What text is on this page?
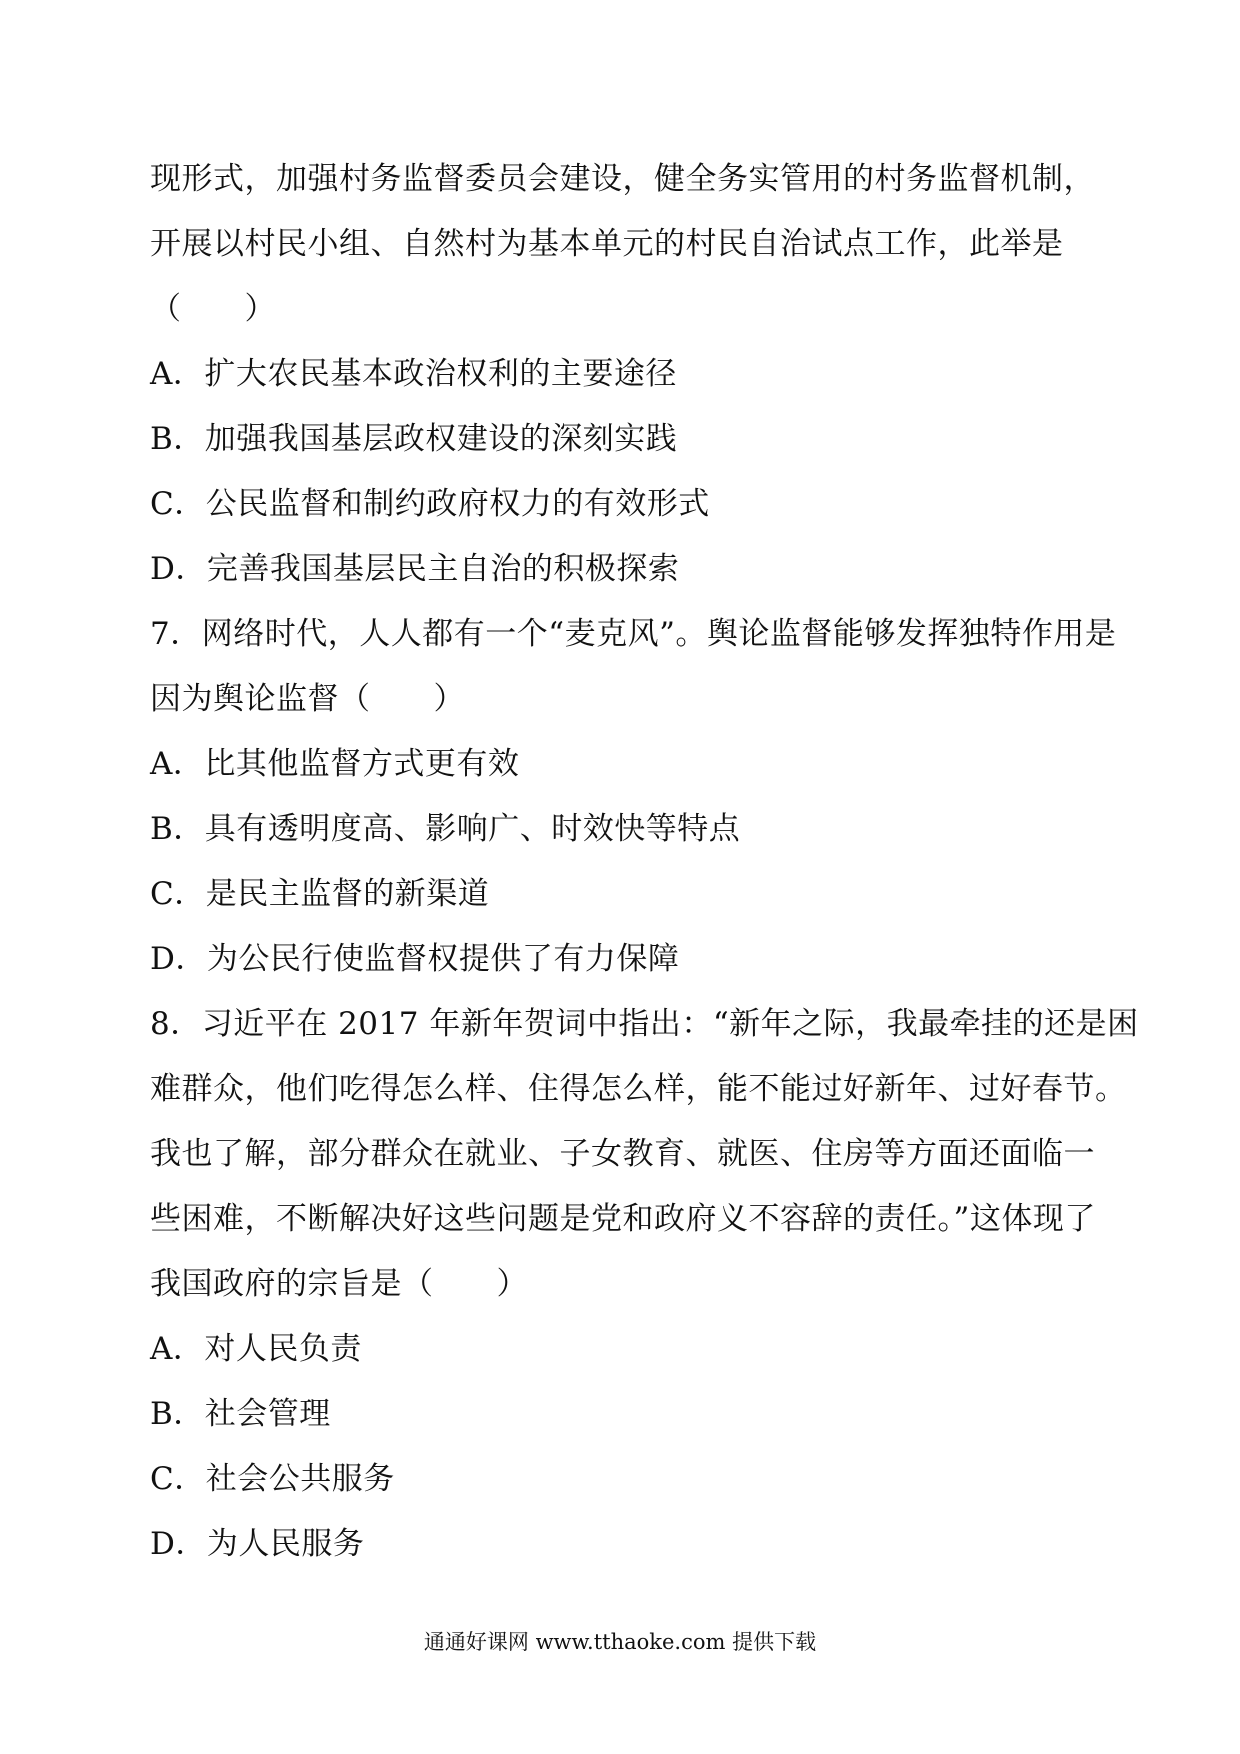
现形式，加强村务监督委员会建设，健全务实管用的村务监督机制，
开展以村民小组、自然村为基本单元的村民自治试点工作，此举是
（　　）
A．扩大农民基本政治权利的主要途径
B．加强我国基层政权建设的深刻实践
C．公民监督和制约政府权力的有效形式
D．完善我国基层民主自治的积极探索
7．网络时代，人人都有一个“麦克风”。舆论监督能够发挥独特作用是
因为舆论监督（　　）
A．比其他监督方式更有效
B．具有透明度高、影响广、时效快等特点
C．是民主监督的新渠道
D．为公民行使监督权提供了有力保障
8．习近平在 2017 年新年贺词中指出：“新年之际，我最牵挂的还是困
难群众，他们吃得怎么样、住得怎么样，能不能过好新年、过好春节。
我也了解，部分群众在就业、子女教育、就医、住房等方面还面临一
些困难，不断解决好这些问题是党和政府义不容辞的责任。”这体现了
我国政府的宗旨是（　　）
A．对人民负责
B．社会管理
C．社会公共服务
D．为人民服务
通通好课网 www.tthaoke.com 提供下载
